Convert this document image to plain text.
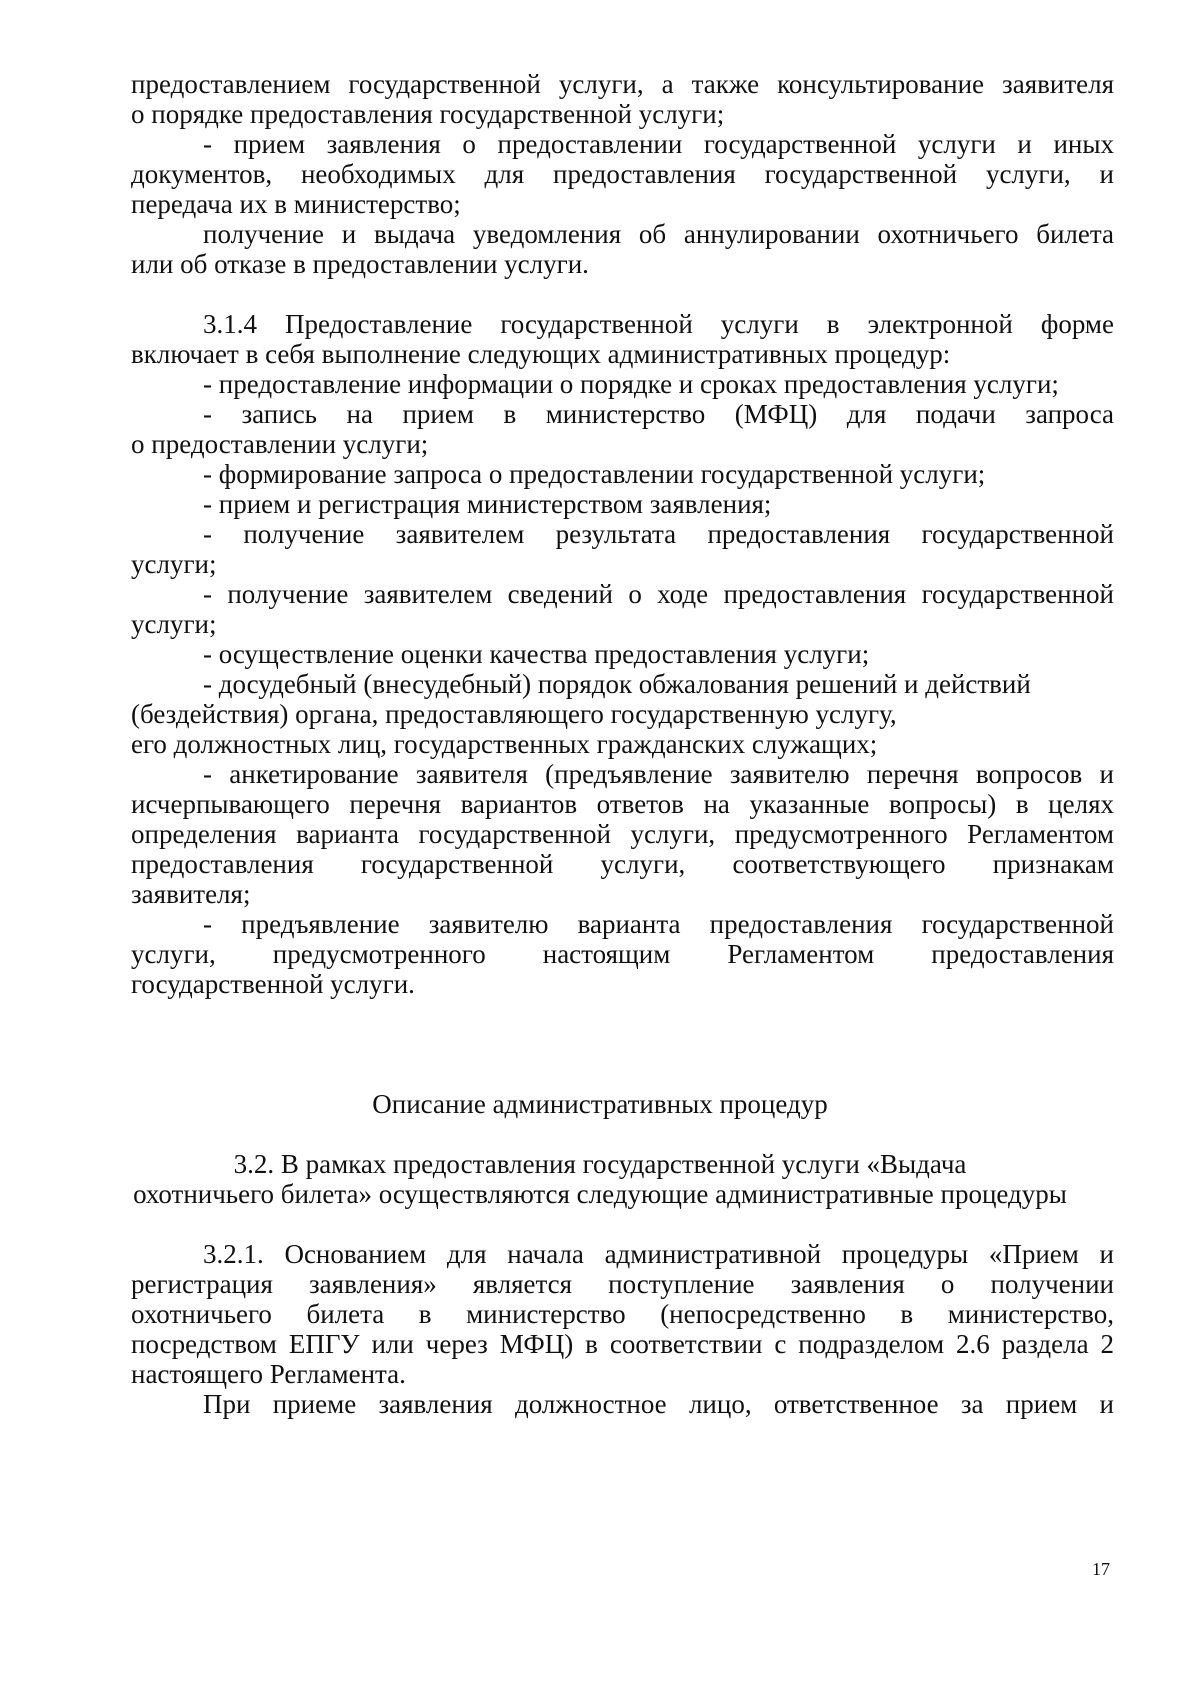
предоставлением государственной услуги, а также консультирование заявителя
о порядке предоставления государственной услуги;
- прием заявления о предоставлении государственной услуги и иных
документов, необходимых для предоставления государственной услуги, и
передача их в министерство;
получение и выдача уведомления об аннулировании охотничьего билета
или об отказе в предоставлении услуги.
3.1.4 Предоставление государственной услуги в электронной форме
включает в себя выполнение следующих административных процедур:
- предоставление информации о порядке и сроках предоставления услуги;
- запись на прием в министерство (МФЦ) для подачи запроса
о предоставлении услуги;
- формирование запроса о предоставлении государственной услуги;
- прием и регистрация министерством заявления;
- получение заявителем результата предоставления государственной
услуги;
- получение заявителем сведений о ходе предоставления государственной
услуги;
- осуществление оценки качества предоставления услуги;
- досудебный (внесудебный) порядок обжалования решений и действий
(бездействия) органа, предоставляющего государственную услугу,
его должностных лиц, государственных гражданских служащих;
- анкетирование заявителя (предъявление заявителю перечня вопросов и
исчерпывающего перечня вариантов ответов на указанные вопросы) в целях
определения варианта государственной услуги, предусмотренного Регламентом
предоставления государственной услуги, соответствующего признакам
заявителя;
- предъявление заявителю варианта предоставления государственной
услуги, предусмотренного настоящим Регламентом предоставления
государственной услуги.
Описание административных процедур
3.2. В рамках предоставления государственной услуги «Выдача
охотничьего билета» осуществляются следующие административные процедуры
3.2.1. Основанием для начала административной процедуры «Прием и
регистрация заявления» является поступление заявления о получении
охотничьего билета в министерство (непосредственно в министерство,
посредством ЕПГУ или через МФЦ) в соответствии с подразделом 2.6 раздела 2
настоящего Регламента.
При приеме заявления должностное лицо, ответственное за прием и
17
